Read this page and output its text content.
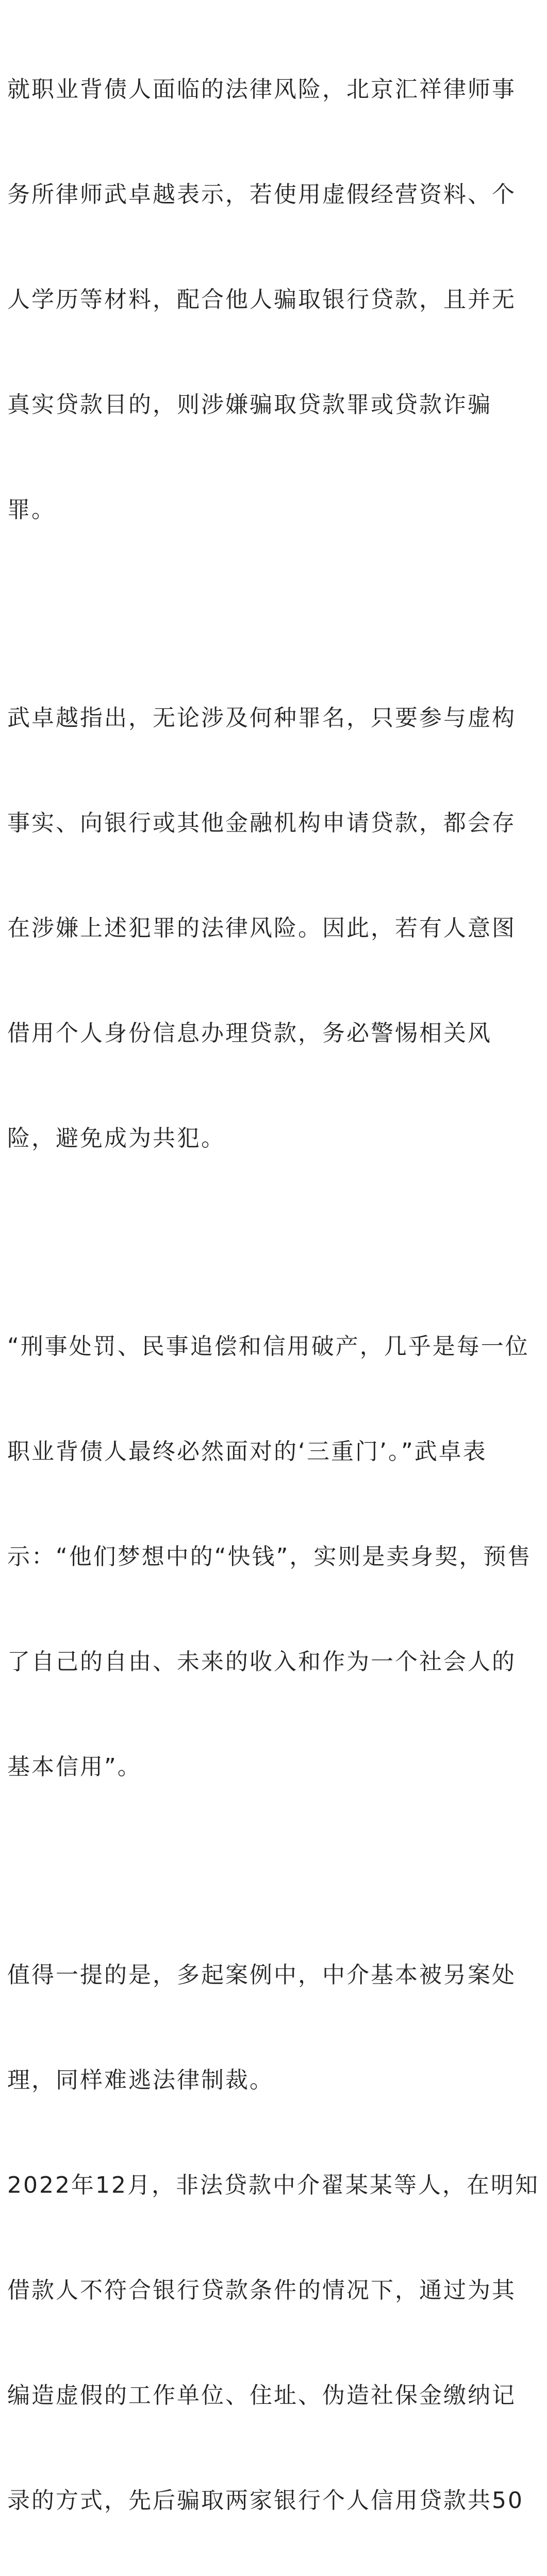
就职业背债人面临的法律风险，北京汇祥律师事

务所律师武卓越表示，若使用虚假经营资料、个

人学历等材料，配合他人骗取银行贷款，且并无

真实贷款目的，则涉嫌骗取贷款罪或贷款诈骗

罪。

武卓越指出，无论涉及何种罪名，只要参与虚构

事实、向银行或其他金融机构申请贷款，都会存

在涉嫌上述犯罪的法律风险。因此，若有人意图

借用个人身份信息办理贷款，务必警惕相关风

险，避免成为共犯。

“刑事处罚、民事追偿和信用破产，几乎是每一位

职业背债人最终必然面对的‘三重门’。”武卓表

示：“他们梦想中的“快钱”，实则是卖身契，预售

了自己的自由、未来的收入和作为一个社会人的

基本信用”。

值得一提的是，多起案例中，中介基本被另案处

理，同样难逃法律制裁。

2022年12月，非法贷款中介翟某某等人，在明知

借款人不符合银行贷款条件的情况下，通过为其

编造虚假的工作单位、住址、伪造社保金缴纳记

录的方式，先后骗取两家银行个人信用贷款共50
